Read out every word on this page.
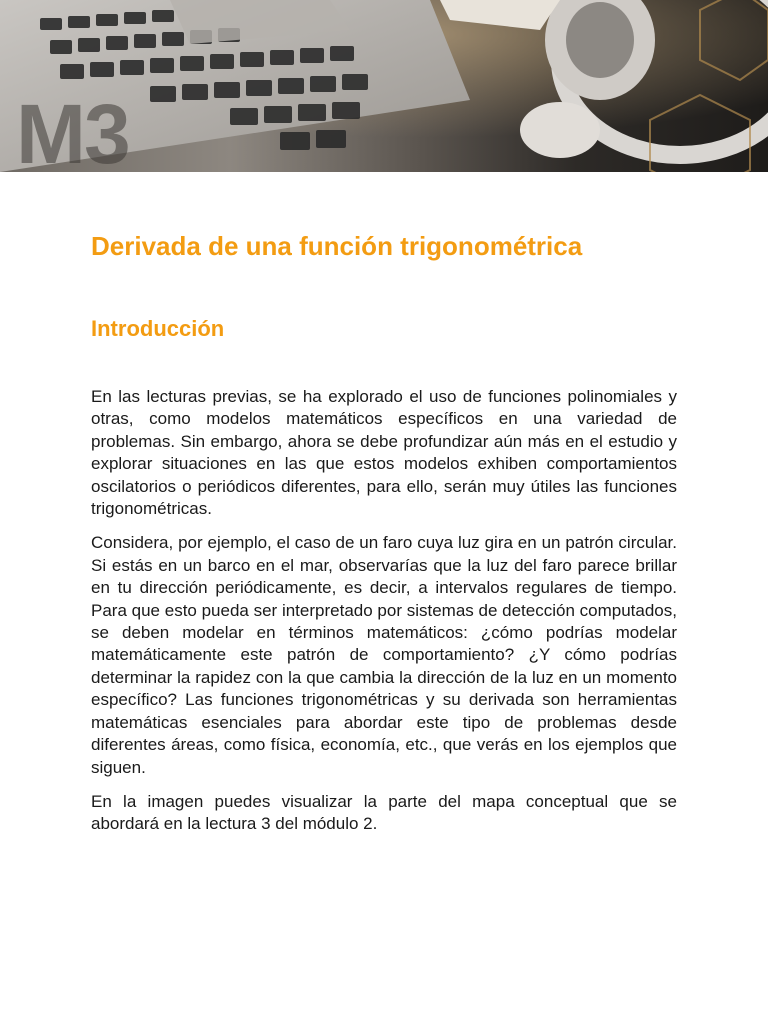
M3
Derivada de una función trigonométrica
Introducción

En las lecturas previas, se ha explorado el uso de funciones polinomiales y otras, como modelos matemáticos específicos en una variedad de problemas. Sin embargo, ahora se debe profundizar aún más en el estudio y explorar situaciones en las que estos modelos exhiben comportamientos oscilatorios o periódicos diferentes, para ello, serán muy útiles las funciones trigonométricas.

Considera, por ejemplo, el caso de un faro cuya luz gira en un patrón circular. Si estás en un barco en el mar, observarías que la luz del faro parece brillar en tu dirección periódicamente, es decir, a intervalos regulares de tiempo. Para que esto pueda ser interpretado por sistemas de detección computados, se deben modelar en términos matemáticos: ¿cómo podrías modelar matemáticamente este patrón de comportamiento? ¿Y cómo podrías determinar la rapidez con la que cambia la dirección de la luz en un momento específico? Las funciones trigonométricas y su derivada son herramientas matemáticas esenciales para abordar este tipo de problemas desde diferentes áreas, como física, economía, etc., que verás en los ejemplos que siguen.

En la imagen puedes visualizar la parte del mapa conceptual que se abordará en la lectura 3 del módulo 2.
